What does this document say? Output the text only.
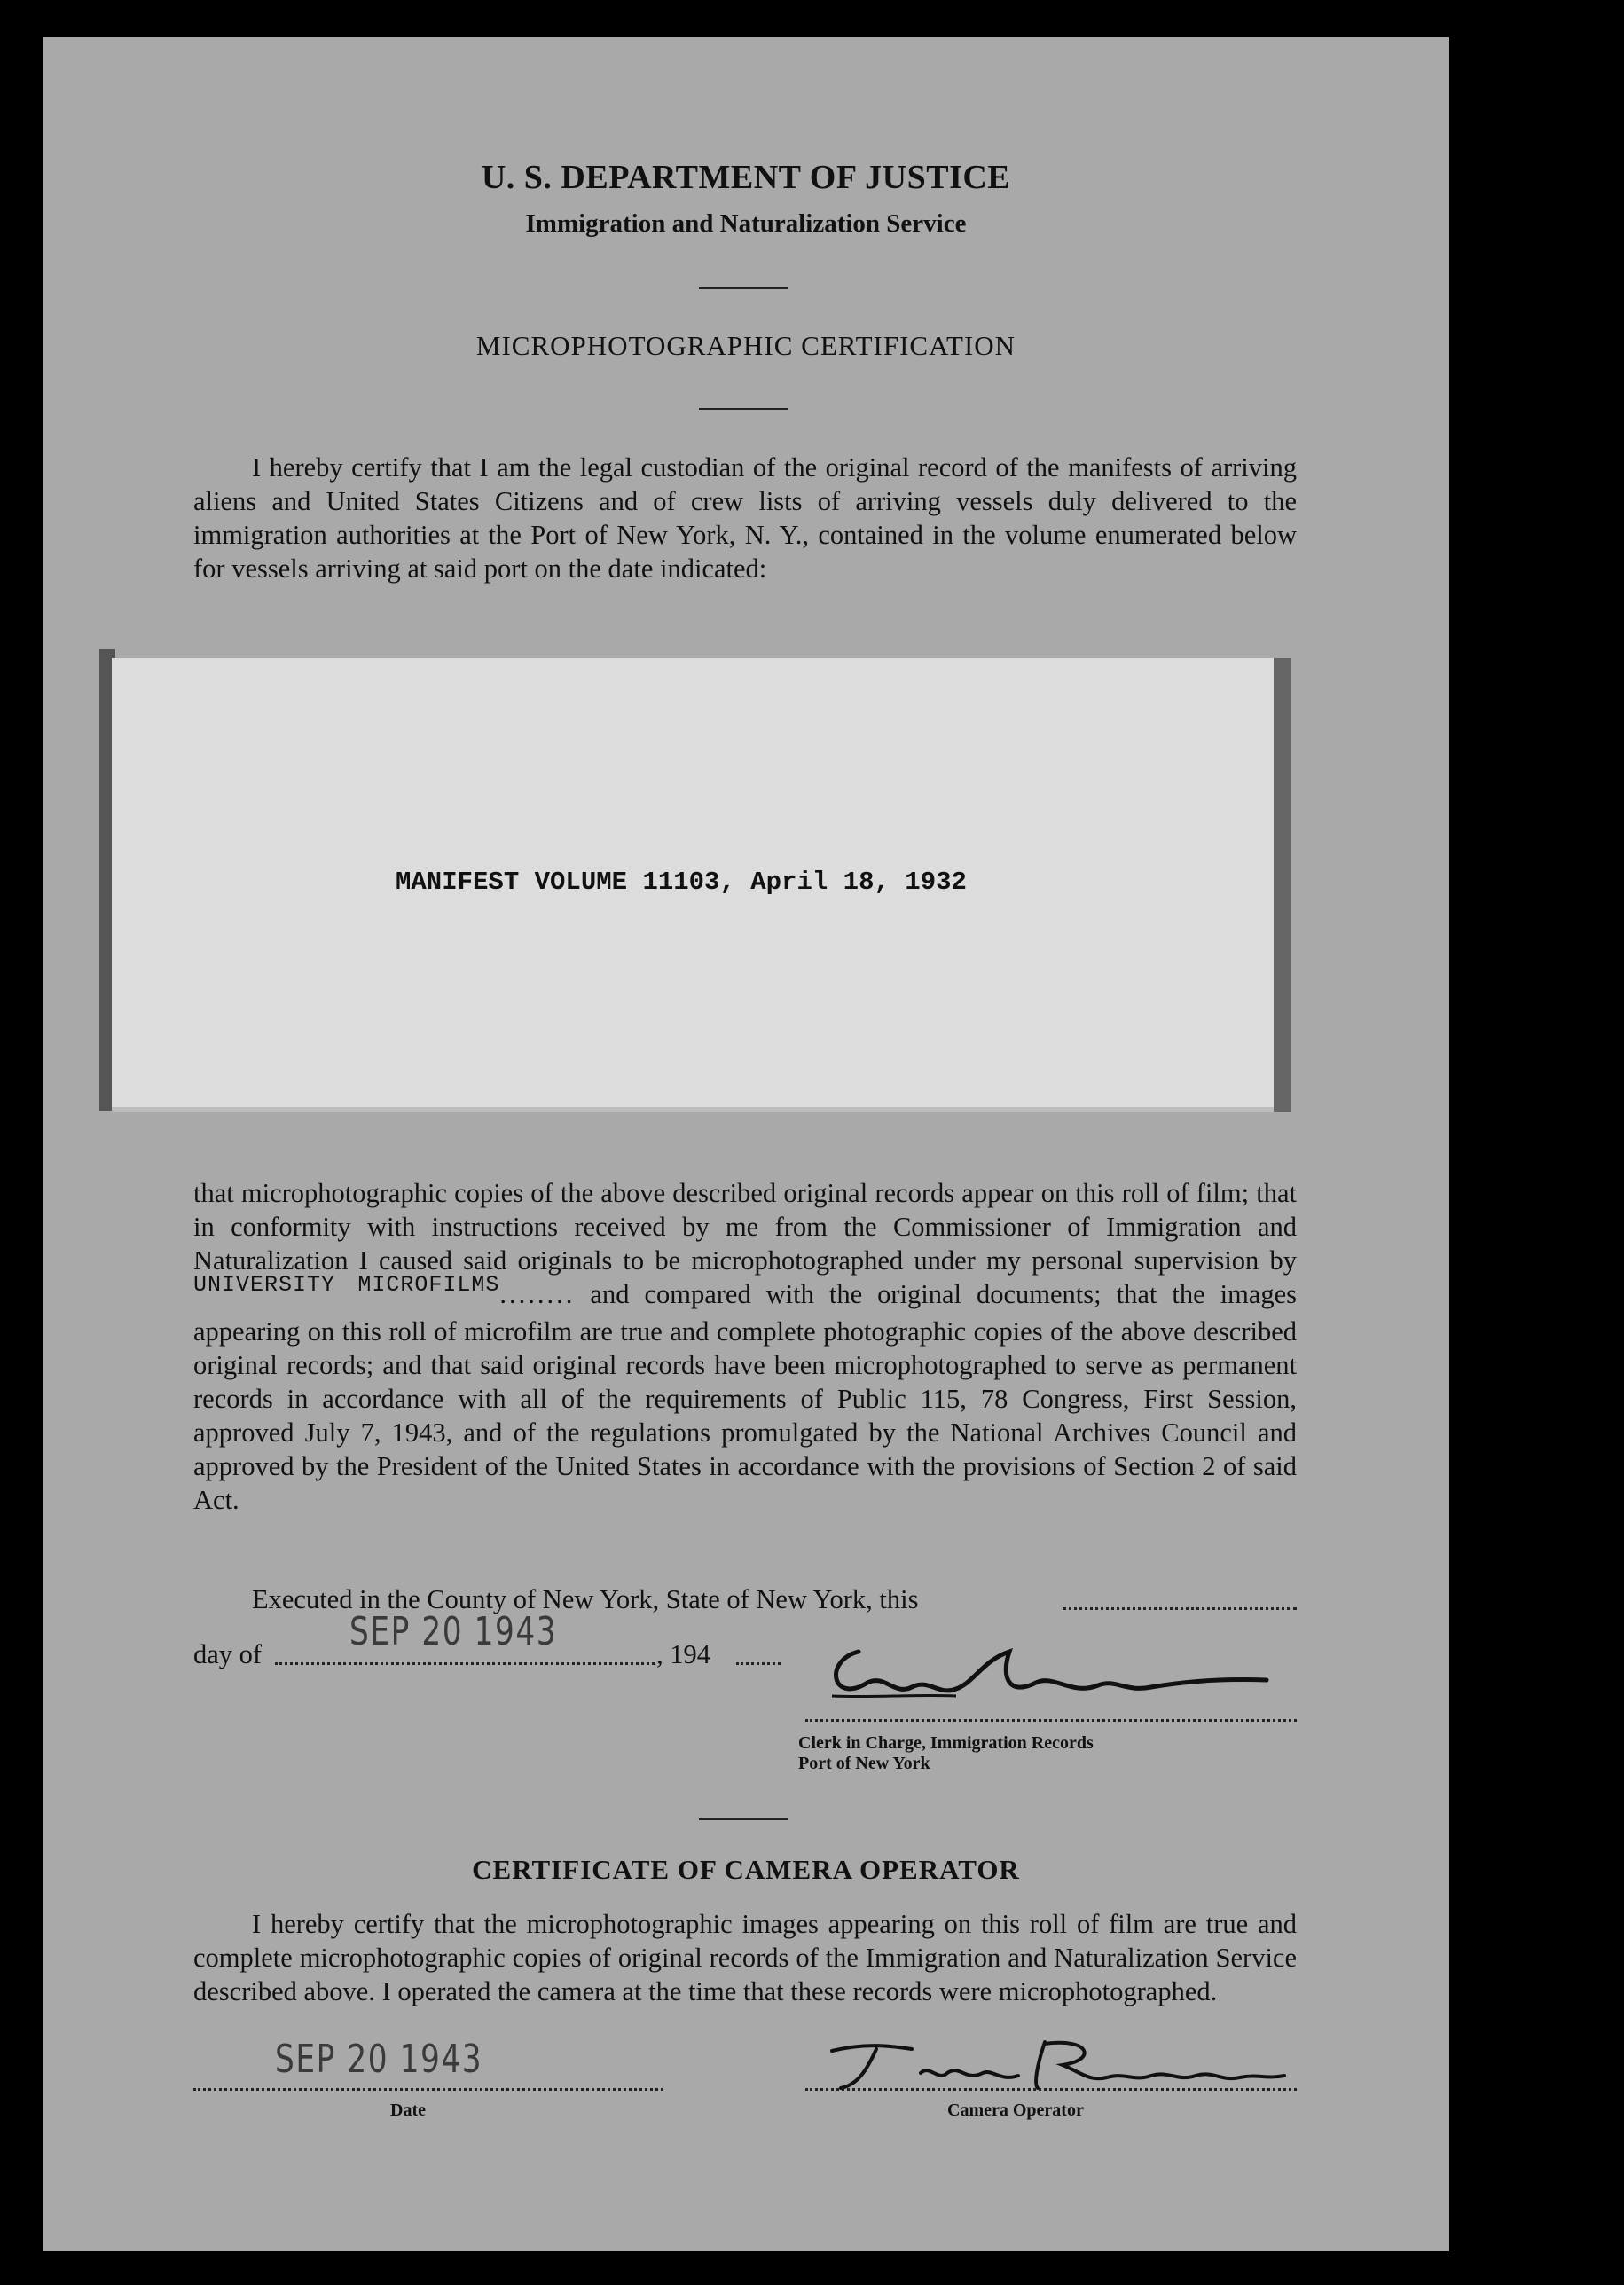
U. S. DEPARTMENT OF JUSTICE
Immigration and Naturalization Service
MICROPHOTOGRAPHIC CERTIFICATION

I hereby certify that I am the legal custodian of the original record of the manifests of arriving aliens and United States Citizens and of crew lists of arriving vessels duly delivered to the immigration authorities at the Port of New York, N. Y., contained in the volume enumerated below for vessels arriving at said port on the date indicated:

MANIFEST VOLUME 11103, April 18, 1932

that microphotographic copies of the above described original records appear on this roll of film; that in conformity with instructions received by me from the Commissioner of Immigration and Naturalization I caused said originals to be microphotographed under my personal supervision by $^{UNIVERSITY MICROFILMS}$........ and compared with the original documents; that the images appearing on this roll of microfilm are true and complete photographic copies of the above described original records; and that said original records have been microphotographed to serve as permanent records in accordance with all of the requirements of Public 115, 78 Congress, First Session, approved July 7, 1943, and of the regulations promulgated by the National Archives Council and approved by the President of the United States in accordance with the provisions of Section 2 of said Act.

Executed in the County of New York, State of New York, this
day of SEP 20 1943	, 194
Clerk in Charge, Immigration Records
Port of New York
CERTIFICATE OF CAMERA OPERATOR

I hereby certify that the microphotographic images appearing on this roll of film are true and complete microphotographic copies of original records of the Immigration and Naturalization Service described above. I operated the camera at the time that these records were microphotographed.

SEP 20 1943
Date	Camera Operator
